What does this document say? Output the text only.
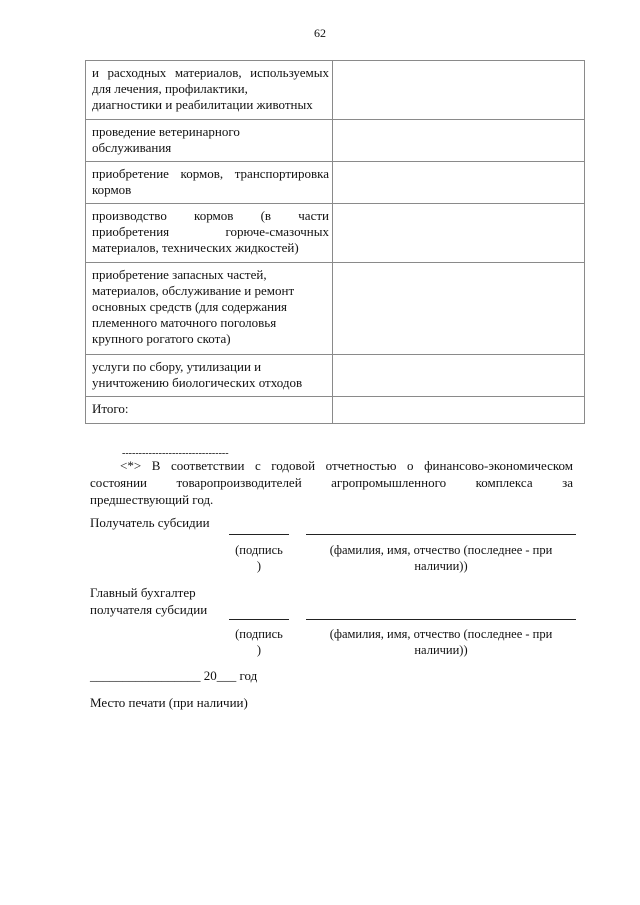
62
и расходных материалов, используемых
для лечения, профилактики,
диагностики и реабилитации животных	

проведение ветеринарного
обслуживания	

приобретение кормов, транспортировка
кормов	

производство кормов (в части
приобретения горюче-смазочных
материалов, технических жидкостей)	

приобретение запасных частей,
материалов, обслуживание и ремонт
основных средств (для содержания
племенного маточного поголовья
крупного рогатого скота)	

услуги по сбору, утилизации и
уничтожению биологических отходов	

Итого:	

--------------------------------

<*> В соответствии с годовой отчетностью о финансово-экономическом
состоянии товаропроизводителей агропромышленного комплекса за
предшествующий год.

Получатель субсидии
(подпись
)
(фамилия, имя, отчество (последнее - при
наличии))
Главный бухгалтер
получателя субсидии
(подпись
)
(фамилия, имя, отчество (последнее - при
наличии))
_________________ 20___ год
Место печати (при наличии)
